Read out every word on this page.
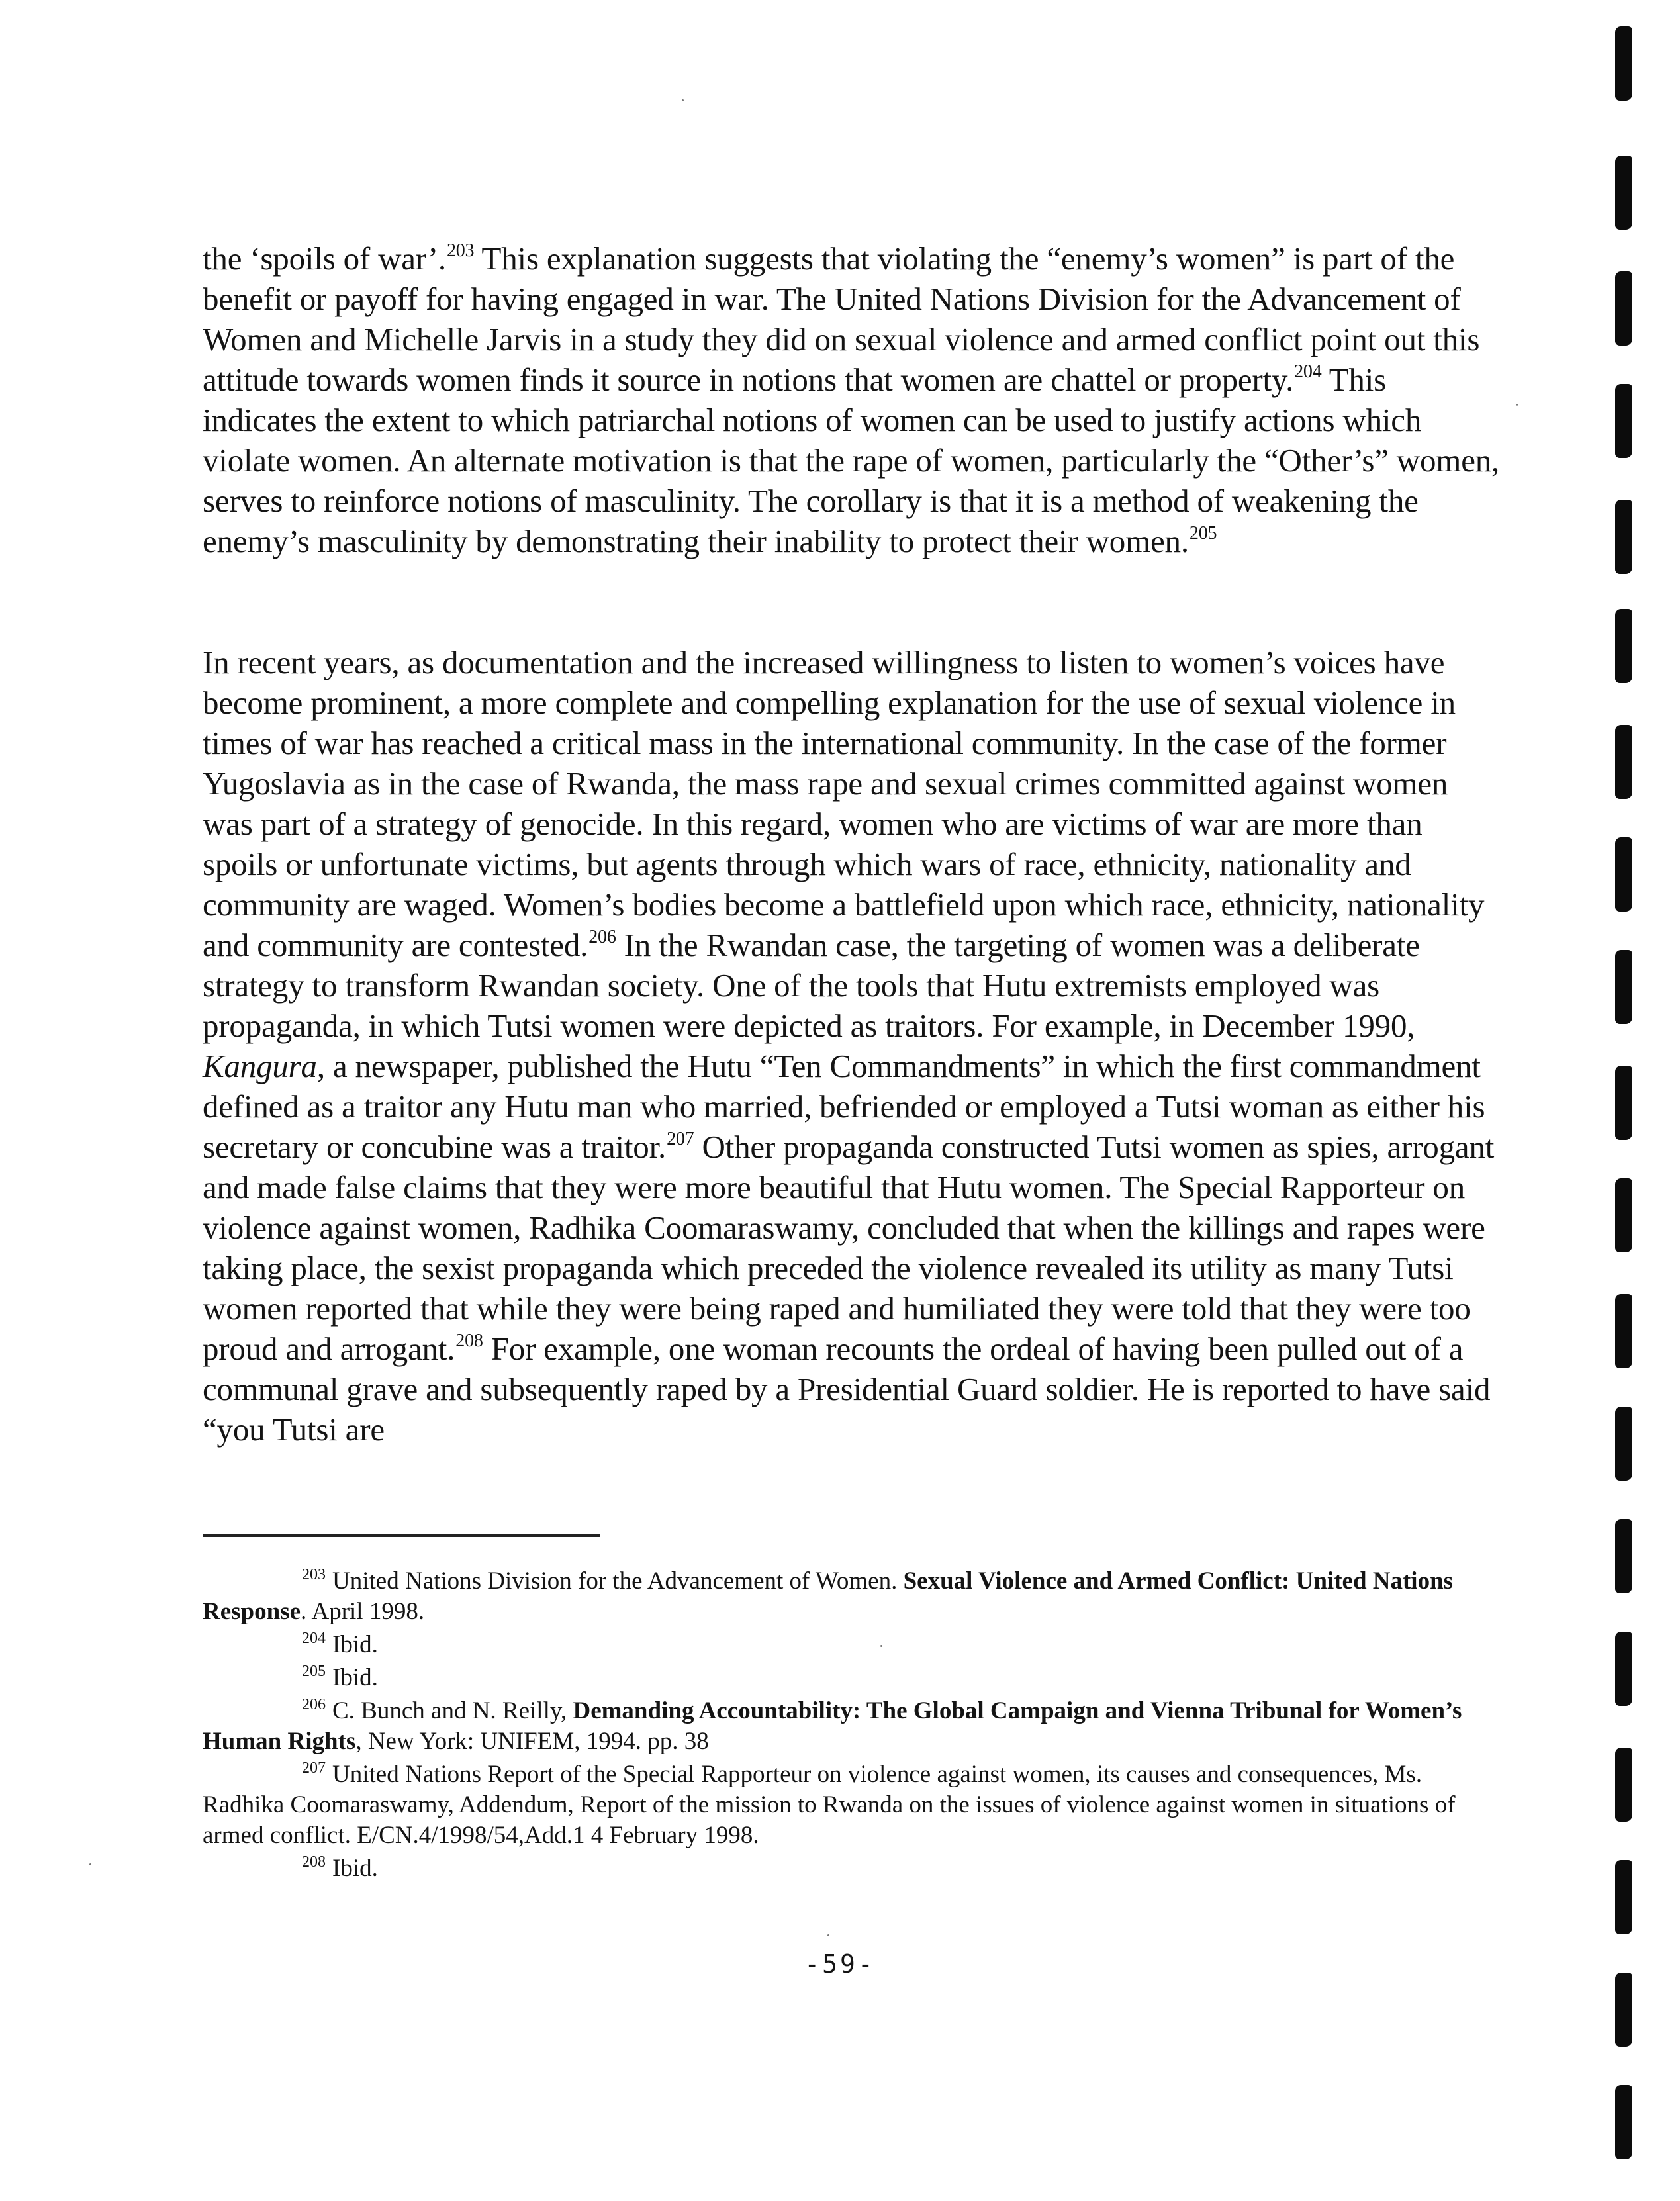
the ‘spoils of war’.$^{203}$ This explanation suggests that violating the “enemy’s women” is part of the benefit or payoff for having engaged in war. The United Nations Division for the Advancement of Women and Michelle Jarvis in a study they did on sexual violence and armed conflict point out this attitude towards women finds it source in notions that women are chattel or property.$^{204}$ This indicates the extent to which patriarchal notions of women can be used to justify actions which violate women. An alternate motivation is that the rape of women, particularly the “Other’s” women, serves to reinforce notions of masculinity. The corollary is that it is a method of weakening the enemy’s masculinity by demonstrating their inability to protect their women.$^{205}$

In recent years, as documentation and the increased willingness to listen to women’s voices have become prominent, a more complete and compelling explanation for the use of sexual violence in times of war has reached a critical mass in the international community. In the case of the former Yugoslavia as in the case of Rwanda, the mass rape and sexual crimes committed against women was part of a strategy of genocide. In this regard, women who are victims of war are more than spoils or unfortunate victims, but agents through which wars of race, ethnicity, nationality and community are waged. Women’s bodies become a battlefield upon which race, ethnicity, nationality and community are contested.$^{206}$ In the Rwandan case, the targeting of women was a deliberate strategy to transform Rwandan society. One of the tools that Hutu extremists employed was propaganda, in which Tutsi women were depicted as traitors. For example, in December 1990, Kangura, a newspaper, published the Hutu “Ten Commandments” in which the first commandment defined as a traitor any Hutu man who married, befriended or employed a Tutsi woman as either his secretary or concubine was a traitor.$^{207}$ Other propaganda constructed Tutsi women as spies, arrogant and made false claims that they were more beautiful that Hutu women. The Special Rapporteur on violence against women, Radhika Coomaraswamy, concluded that when the killings and rapes were taking place, the sexist propaganda which preceded the violence revealed its utility as many Tutsi women reported that while they were being raped and humiliated they were told that they were too proud and arrogant.$^{208}$ For example, one woman recounts the ordeal of having been pulled out of a communal grave and subsequently raped by a Presidential Guard soldier. He is reported to have said “you Tutsi are

$^{203}$ United Nations Division for the Advancement of Women. Sexual Violence and Armed Conflict: United Nations Response. April 1998.

$^{204}$ Ibid.

$^{205}$ Ibid.

$^{206}$ C. Bunch and N. Reilly, Demanding Accountability: The Global Campaign and Vienna Tribunal for Women’s Human Rights, New York: UNIFEM, 1994. pp. 38

$^{207}$ United Nations Report of the Special Rapporteur on violence against women, its causes and consequences, Ms. Radhika Coomaraswamy, Addendum, Report of the mission to Rwanda on the issues of violence against women in situations of armed conflict. E/CN.4/1998/54,Add.1 4 February 1998.

$^{208}$ Ibid.

-59-
